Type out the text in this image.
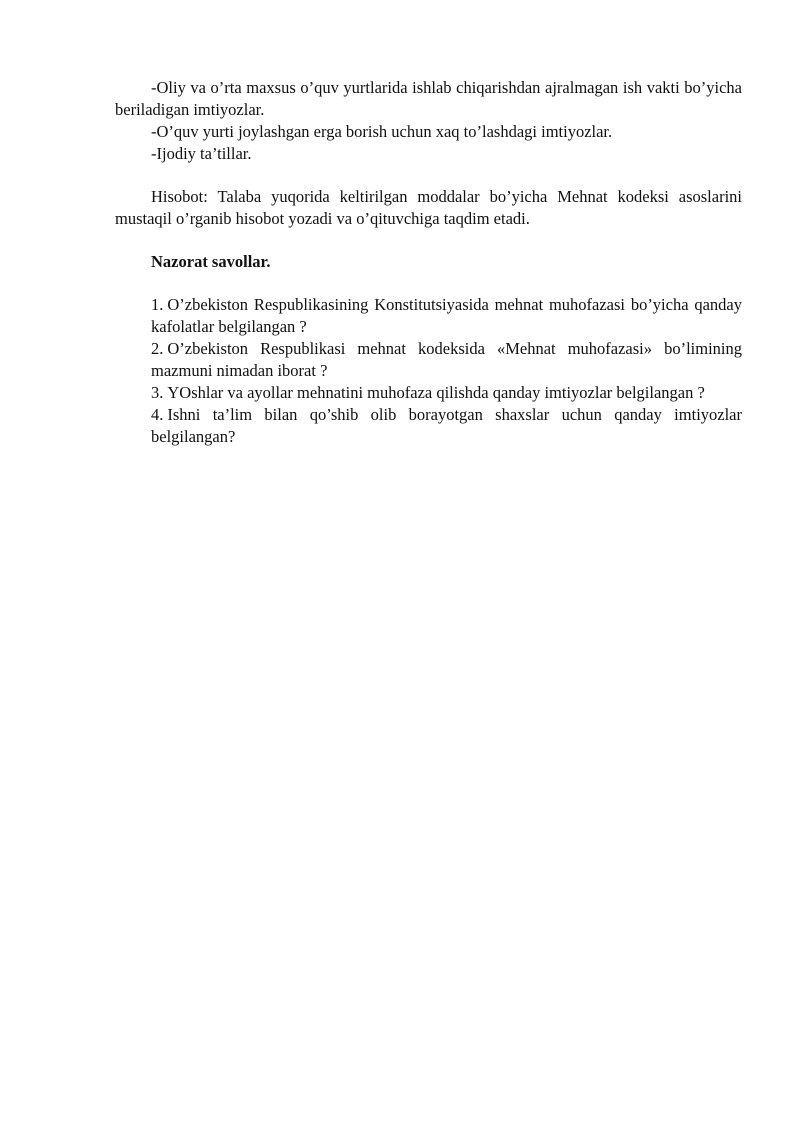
-Oliy va o’rta maxsus o’quv yurtlarida ishlab chiqarishdan ajralmagan ish vakti bo’yicha beriladigan imtiyozlar.

-O’quv yurti joylashgan erga borish uchun xaq to’lashdagi imtiyozlar.

-Ijodiy ta’tillar.

Hisobot: Talaba yuqorida keltirilgan moddalar bo’yicha Mehnat kodeksi asoslarini mustaqil o’rganib hisobot yozadi va o’qituvchiga taqdim etadi.

Nazorat savollar.

1. O’zbekiston Respublikasining Konstitutsiyasida mehnat muhofazasi bo’yicha qanday kafolatlar belgilangan ?
2. O’zbekiston Respublikasi mehnat kodeksida «Mehnat muhofazasi» bo’limining mazmuni nimadan iborat ?
3. YOshlar va ayollar mehnatini muhofaza qilishda qanday imtiyozlar belgilangan ?
4. Ishni ta’lim bilan qo’shib olib borayotgan shaxslar uchun qanday imtiyozlar belgilangan?
